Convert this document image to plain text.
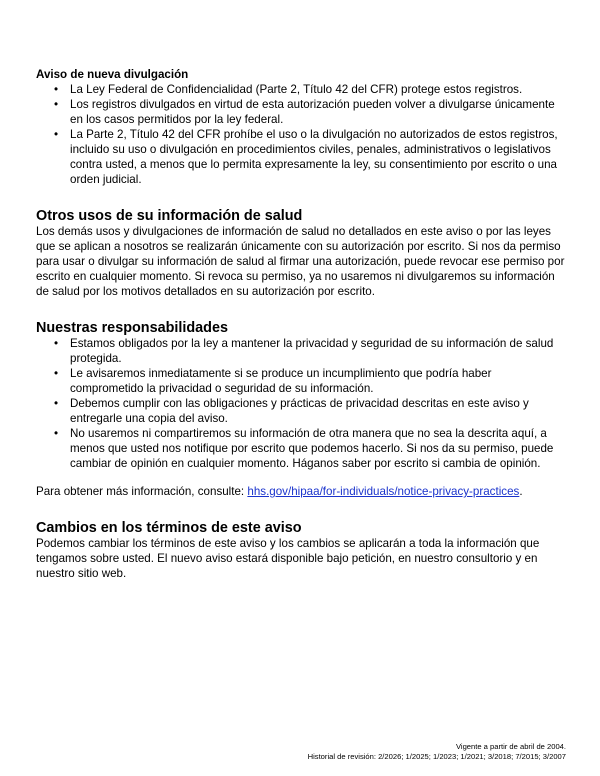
Aviso de nueva divulgación

• La Ley Federal de Confidencialidad (Parte 2, Título 42 del CFR) protege estos registros.
• Los registros divulgados en virtud de esta autorización pueden volver a divulgarse únicamente en los casos permitidos por la ley federal.
• La Parte 2, Título 42 del CFR prohíbe el uso o la divulgación no autorizados de estos registros, incluido su uso o divulgación en procedimientos civiles, penales, administrativos o legislativos contra usted, a menos que lo permita expresamente la ley, su consentimiento por escrito o una orden judicial.

Otros usos de su información de salud

Los demás usos y divulgaciones de información de salud no detallados en este aviso o por las leyes que se aplican a nosotros se realizarán únicamente con su autorización por escrito. Si nos da permiso para usar o divulgar su información de salud al firmar una autorización, puede revocar ese permiso por escrito en cualquier momento. Si revoca su permiso, ya no usaremos ni divulgaremos su información de salud por los motivos detallados en su autorización por escrito.

Nuestras responsabilidades

• Estamos obligados por la ley a mantener la privacidad y seguridad de su información de salud protegida.
• Le avisaremos inmediatamente si se produce un incumplimiento que podría haber comprometido la privacidad o seguridad de su información.
• Debemos cumplir con las obligaciones y prácticas de privacidad descritas en este aviso y entregarle una copia del aviso.
• No usaremos ni compartiremos su información de otra manera que no sea la descrita aquí, a menos que usted nos notifique por escrito que podemos hacerlo. Si nos da su permiso, puede cambiar de opinión en cualquier momento. Háganos saber por escrito si cambia de opinión.

Para obtener más información, consulte: hhs.gov/hipaa/for-individuals/notice-privacy-practices.

Cambios en los términos de este aviso

Podemos cambiar los términos de este aviso y los cambios se aplicarán a toda la información que tengamos sobre usted. El nuevo aviso estará disponible bajo petición, en nuestro consultorio y en nuestro sitio web.

Vigente a partir de abril de 2004.
Historial de revisión: 2/2026; 1/2025; 1/2023; 1/2021; 3/2018; 7/2015; 3/2007
